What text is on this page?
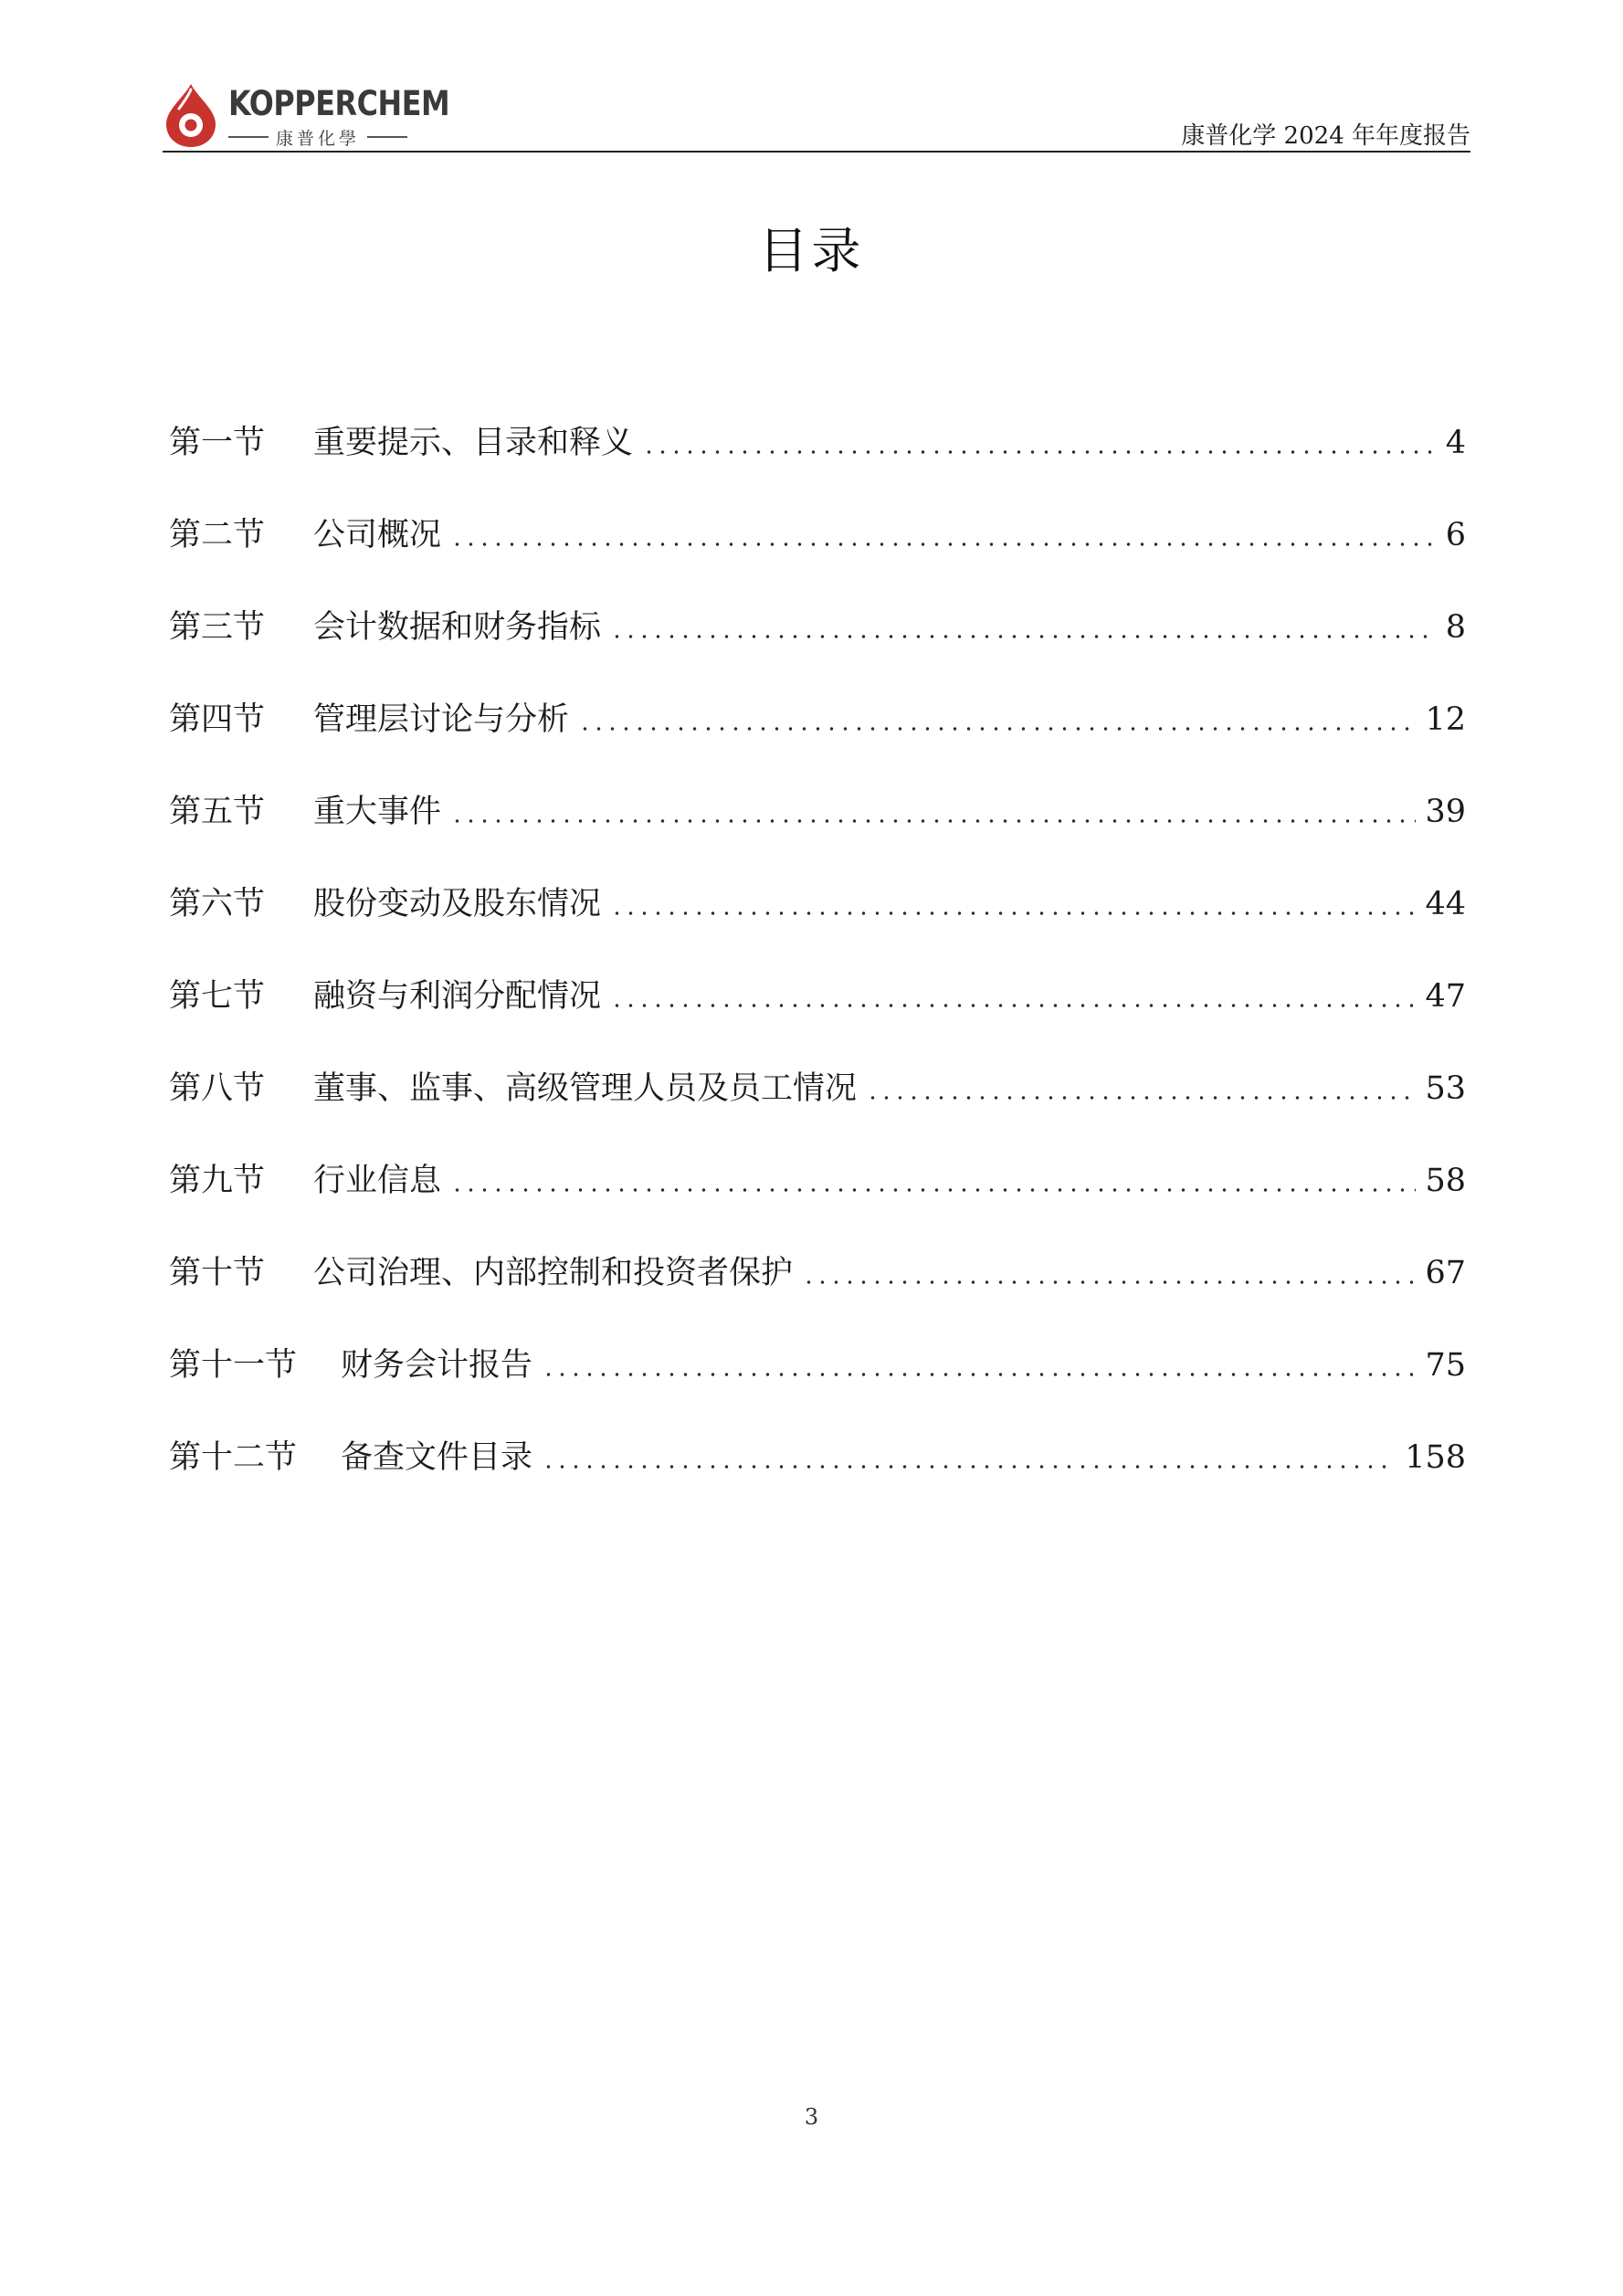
KOPPERCHEM
康普化學	康普化学 2024 年年度报告
目录
第一节	重要提示、目录和释义	4
第二节	公司概况	6
第三节	会计数据和财务指标	8
第四节	管理层讨论与分析	12
第五节	重大事件	39
第六节	股份变动及股东情况	44
第七节	融资与利润分配情况	47
第八节	董事、监事、高级管理人员及员工情况	53
第九节	行业信息	58
第十节	公司治理、内部控制和投资者保护	67
第十一节	财务会计报告	75
第十二节	备查文件目录	158
3
